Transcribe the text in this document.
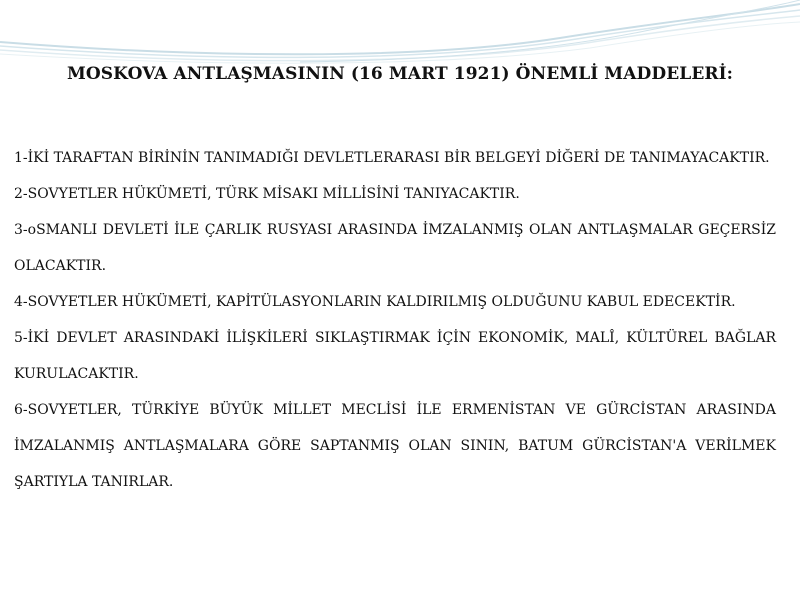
MOSKOVA ANTLAŞMASININ (16 MART 1921) ÖNEMLİ MADDELERİ:
1-İKİ TARAFTAN BİRİNİN TANIMADIĞI DEVLETLERARASI BİR BELGEYİ DİĞERİ DE TANIMAYACAKTIR.
2-SOVYETLER HÜKÜMETİ, TÜRK MİSAKI MİLLİSİNİ TANIYACAKTIR.
3-oSMANLI DEVLETİ İLE ÇARLIK RUSYASI ARASINDA İMZALANMIŞ OLAN ANTLAŞMALAR GEÇERSİZ OLACAKTIR.
4-SOVYETLER HÜKÜMETİ, KAPİTÜLASYONLARIN KALDIRILMIŞ OLDUĞUNU KABUL EDECEKTİR.
5-İKİ DEVLET ARASINDAKİ İLİŞKİLERİ SIKLAŞTIRMAK İÇİN EKONOMİK, MALÎ, KÜLTÜREL BAĞLAR KURULACAKTIR.
6-SOVYETLER, TÜRKİYE BÜYÜK MİLLET MECLİSİ İLE ERMENİSTAN VE GÜRCİSTAN ARASINDA İMZALANMIŞ ANTLAŞMALARA GÖRE SAPTANMIŞ OLAN SININ, BATUM GÜRCİSTAN'A VERİLMEK ŞARTIYLA TANIRLAR.
